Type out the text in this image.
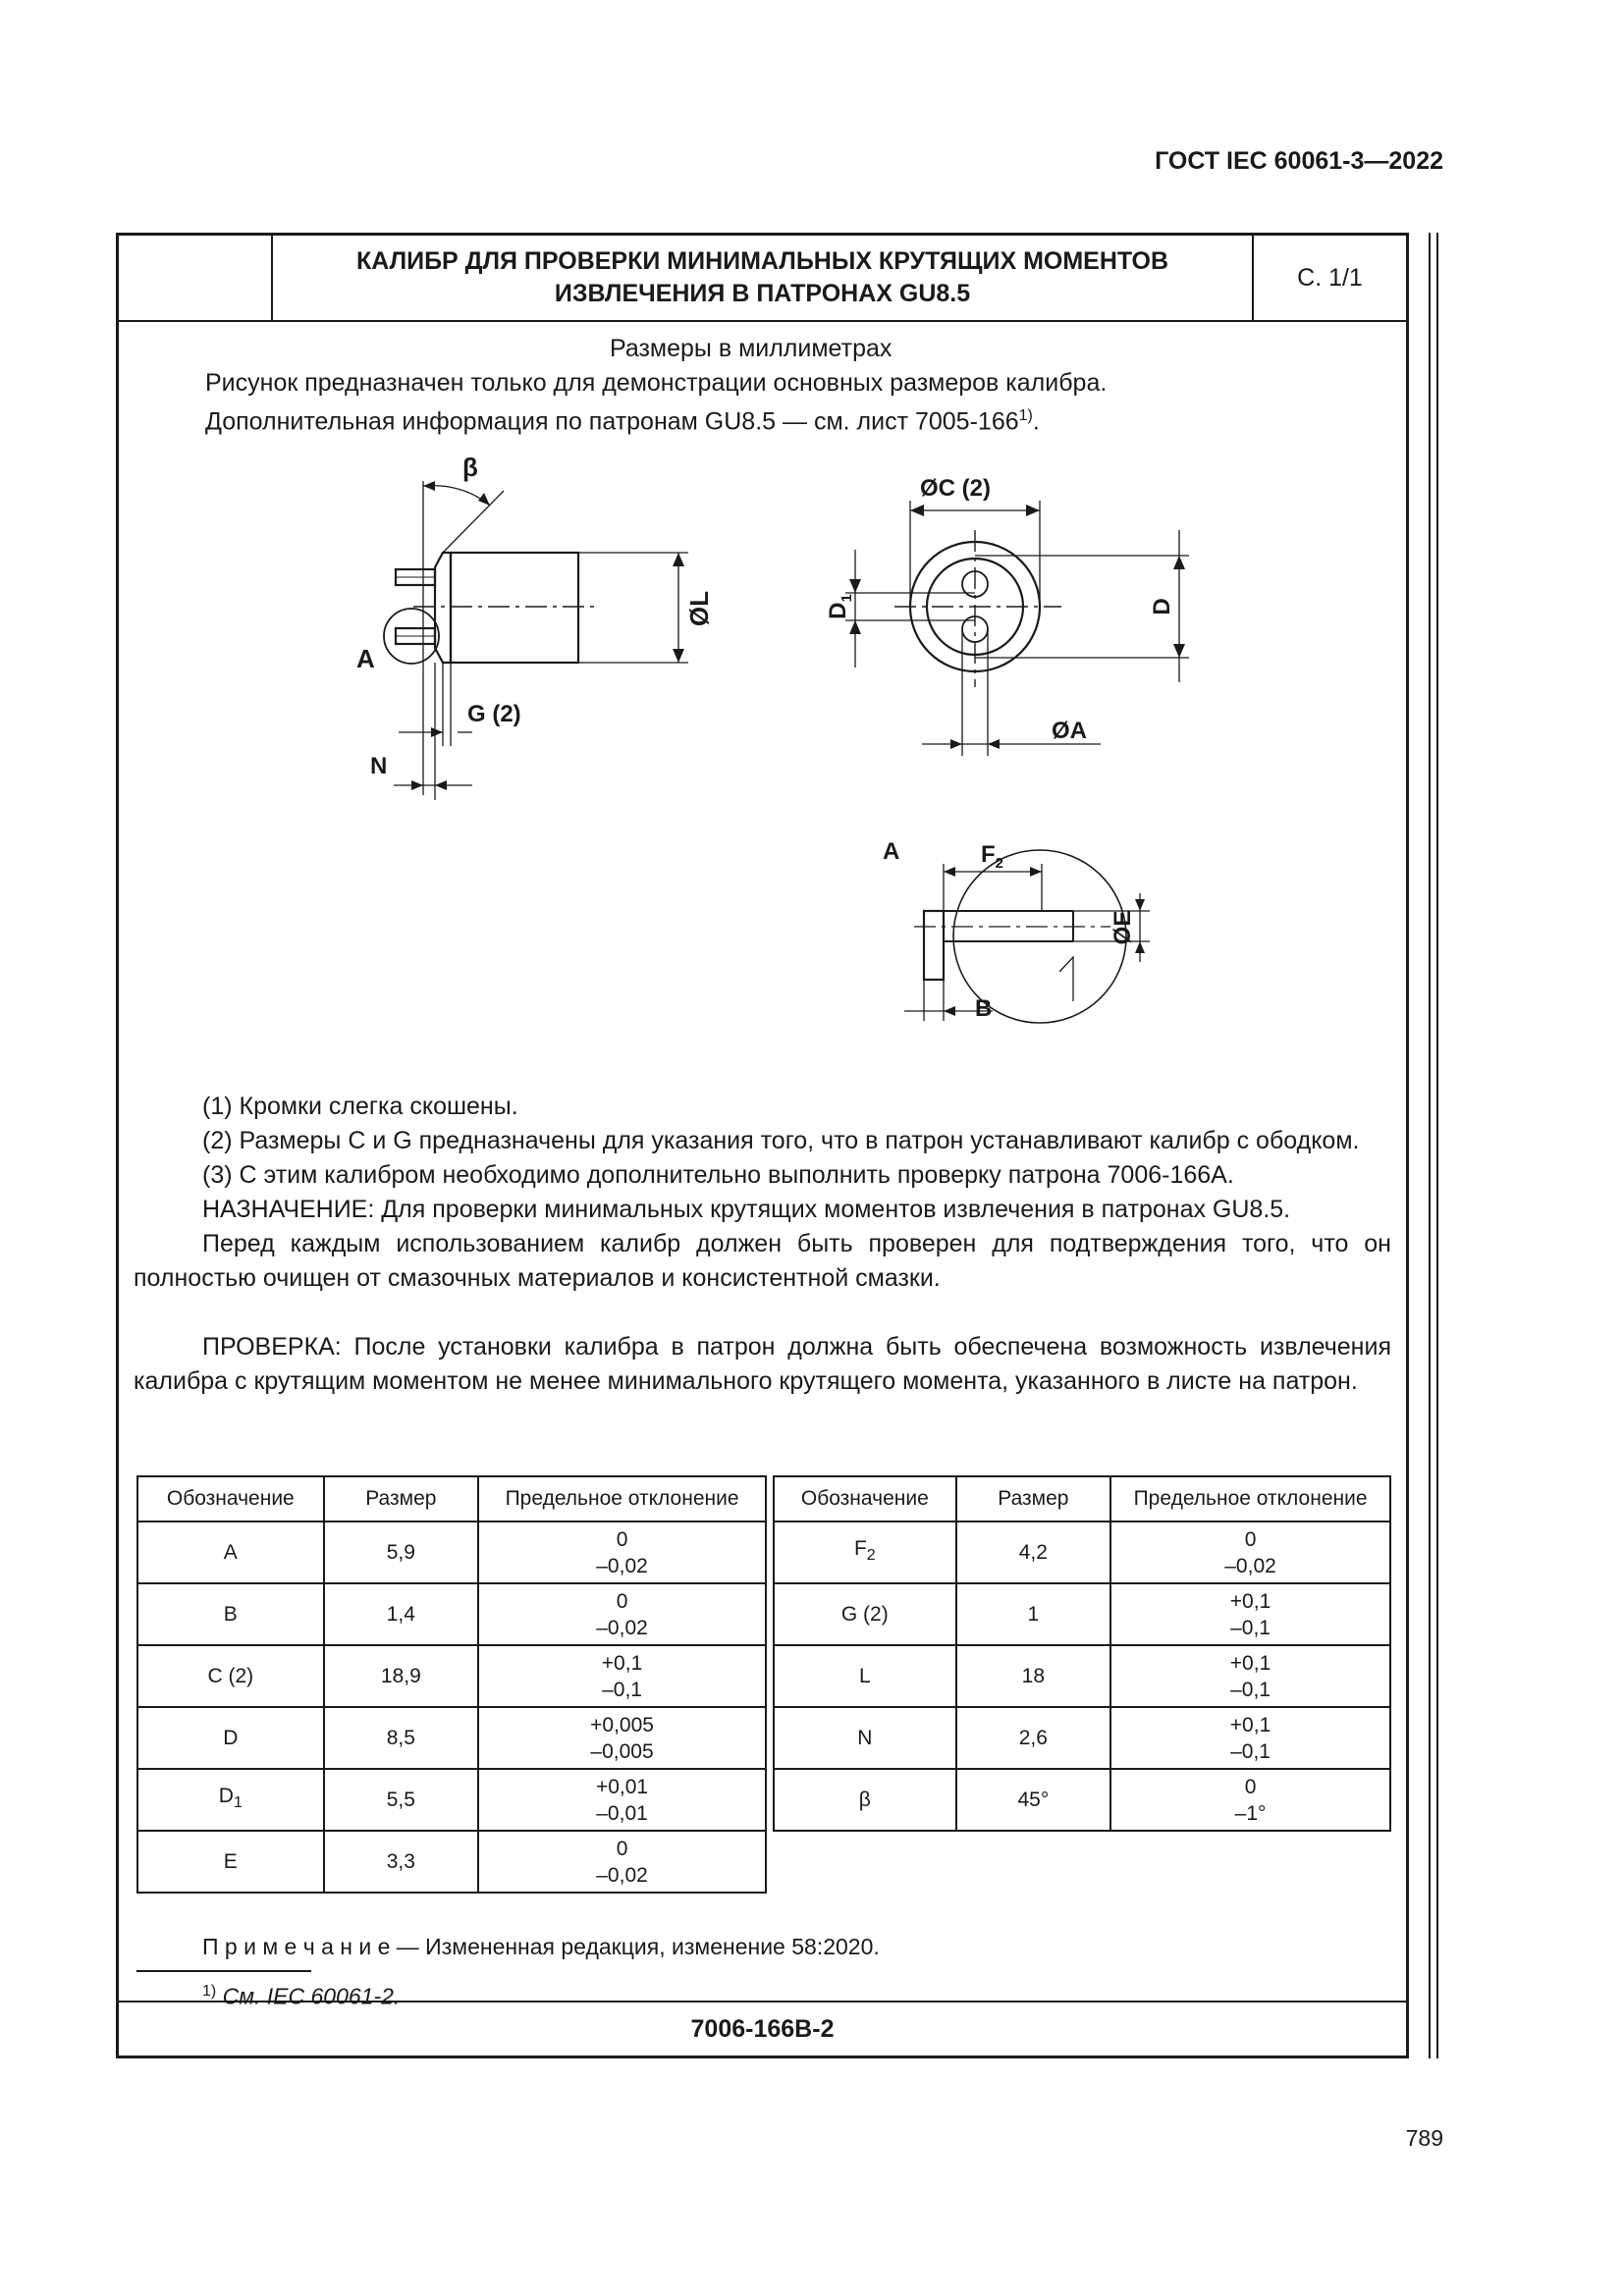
ГОСТ IEC 60061-3—2022
КАЛИБР ДЛЯ ПРОВЕРКИ МИНИМАЛЬНЫХ КРУТЯЩИХ МОМЕНТОВ
ИЗВЛЕЧЕНИЯ В ПАТРОНАХ GU8.5
С. 1/1
Размеры в миллиметрах
Рисунок предназначен только для демонстрации основных размеров калибра.
Дополнительная информация по патронам GU8.5 — см. лист 7005-166$^{1)}$.
β
A
ØL
G (2)
N
ØC (2)
$D_1$	D
ØA
A	$F_2$
ØE
B

(1) Кромки слегка скошены.

(2) Размеры C и G предназначены для указания того, что в патрон устанавливают калибр с ободком.

(3) С этим калибром необходимо дополнительно выполнить проверку патрона 7006-166А.

НАЗНАЧЕНИЕ: Для проверки минимальных крутящих моментов извлечения в патронах GU8.5.

Перед каждым использованием калибр должен быть проверен для подтверждения того, что он полностью очищен от смазочных материалов и консистентной смазки.

ПРОВЕРКА: После установки калибра в патрон должна быть обеспечена возможность извлечения калибра с крутящим моментом не менее минимального крутящего момента, указанного в листе на патрон.

Обозначение	Размер	Предельное отклонение
A	5,9	0
–0,02

B	1,4	0
–0,02

C (2)	18,9	+0,1
–0,1

D	8,5	+0,005
–0,005

$D_1$	5,5	+0,01
–0,01

E	3,3	0
–0,02
Обозначение	Размер	Предельное отклонение
$F_2$	4,2	0
–0,02

G (2)	1	+0,1
–0,1

L	18	+0,1
–0,1

N	2,6	+0,1
–0,1

β	45°	0
–1°
П р и м е ч а н и е — Измененная редакция, изменение 58:2020.
$^{1)}$ См. IEC 60061-2.
7006-166В-2
789
